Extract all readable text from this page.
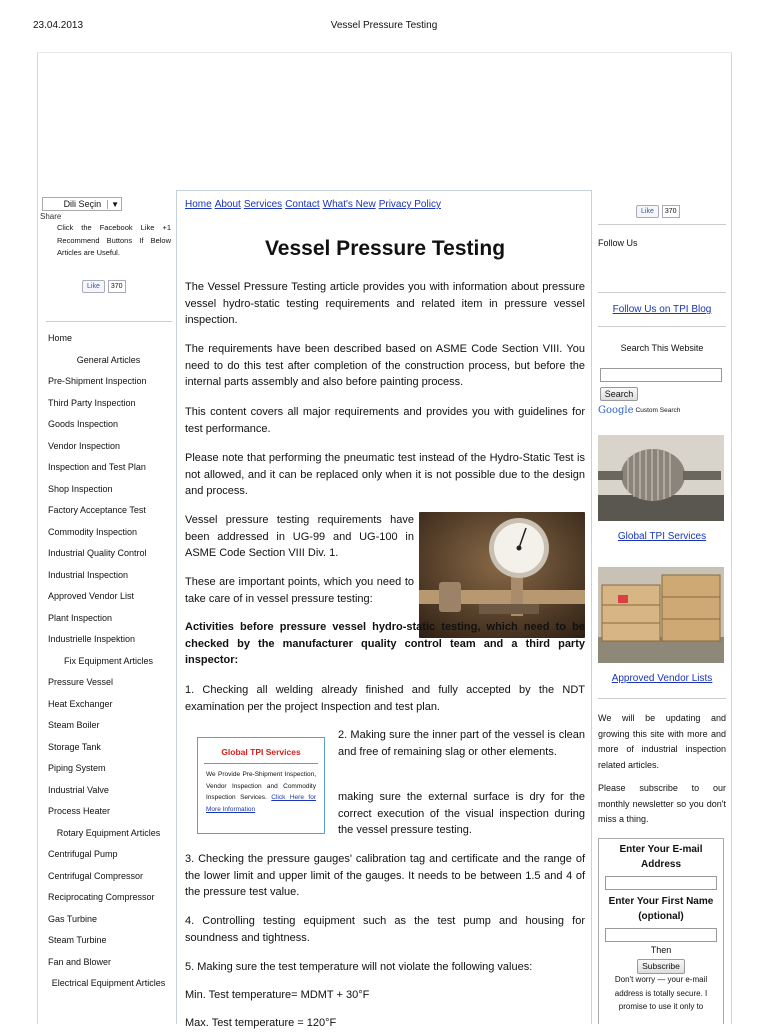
23.04.2013	Vessel Pressure Testing
Dili Seçin	▼
Share
Click the Facebook Like +1 Recommend Buttons If Below Articles are Useful.
Like	370
Home
General Articles
Pre-Shipment Inspection
Third Party Inspection
Goods Inspection
Vendor Inspection
Inspection and Test Plan
Shop Inspection
Factory Acceptance Test
Commodity Inspection
Industrial Quality Control
Industrial Inspection
Approved Vendor List
Plant Inspection
Industrielle Inspektion
Fix Equipment Articles
Pressure Vessel
Heat Exchanger
Steam Boiler
Storage Tank
Piping System
Industrial Valve
Process Heater
Rotary Equipment Articles
Centrifugal Pump
Centrifugal Compressor
Reciprocating Compressor
Gas Turbine
Steam Turbine
Fan and Blower
Electrical Equipment Articles
Home About Services Contact What's New Privacy Policy
Vessel Pressure Testing
The Vessel Pressure Testing article provides you with information about pressure vessel hydro-static testing requirements and related item in pressure vessel inspection.
The requirements have been described based on ASME Code Section VIII. You need to do this test after completion of the construction process, but before the internal parts assembly and also before painting process.
This content covers all major requirements and provides you with guidelines for test performance.
Please note that performing the pneumatic test instead of the Hydro-Static Test is not allowed, and it can be replaced only when it is not possible due to the design and process.
Vessel pressure testing requirements have been addressed in UG-99 and UG-100 in ASME Code Section VIII Div. 1.
These are important points, which you need to take care of in vessel pressure testing:
Activities before pressure vessel hydro-static testing, which need to be checked by the manufacturer quality control team and a third party inspector:
1. Checking all welding already finished and fully accepted by the NDT examination per the project Inspection and test plan.
2. Making sure the inner part of the vessel is clean and free of remaining slag or other elements.
making sure the external surface is dry for the correct execution of the visual inspection during the vessel pressure testing.
Global TPI Services
We Provide Pre-Shipment Inspection, Vendor Inspection and Commodity Inspection Services. Click Here for More Information
3. Checking the pressure gauges' calibration tag and certificate and the range of the lower limit and upper limit of the gauges. It needs to be between 1.5 and 4 of the pressure test value.
4. Controlling testing equipment such as the test pump and housing for soundness and tightness.
5. Making sure the test temperature will not violate the following values:
Min. Test temperature= MDMT + 30°F
Max. Test temperature = 120°F
Like	370
Follow Us
Follow Us on TPI Blog
Search This Website
Search
Google Custom Search
Global TPI Services
Approved Vendor Lists
We will be updating and growing this site with more and more of industrial inspection related articles.
Please subscribe to our monthly newsletter so you don't miss a thing.
Enter Your E-mail Address
Enter Your First Name (optional)
Then
Subscribe
Don't worry — your e-mail address is totally secure. I promise to use it only to
